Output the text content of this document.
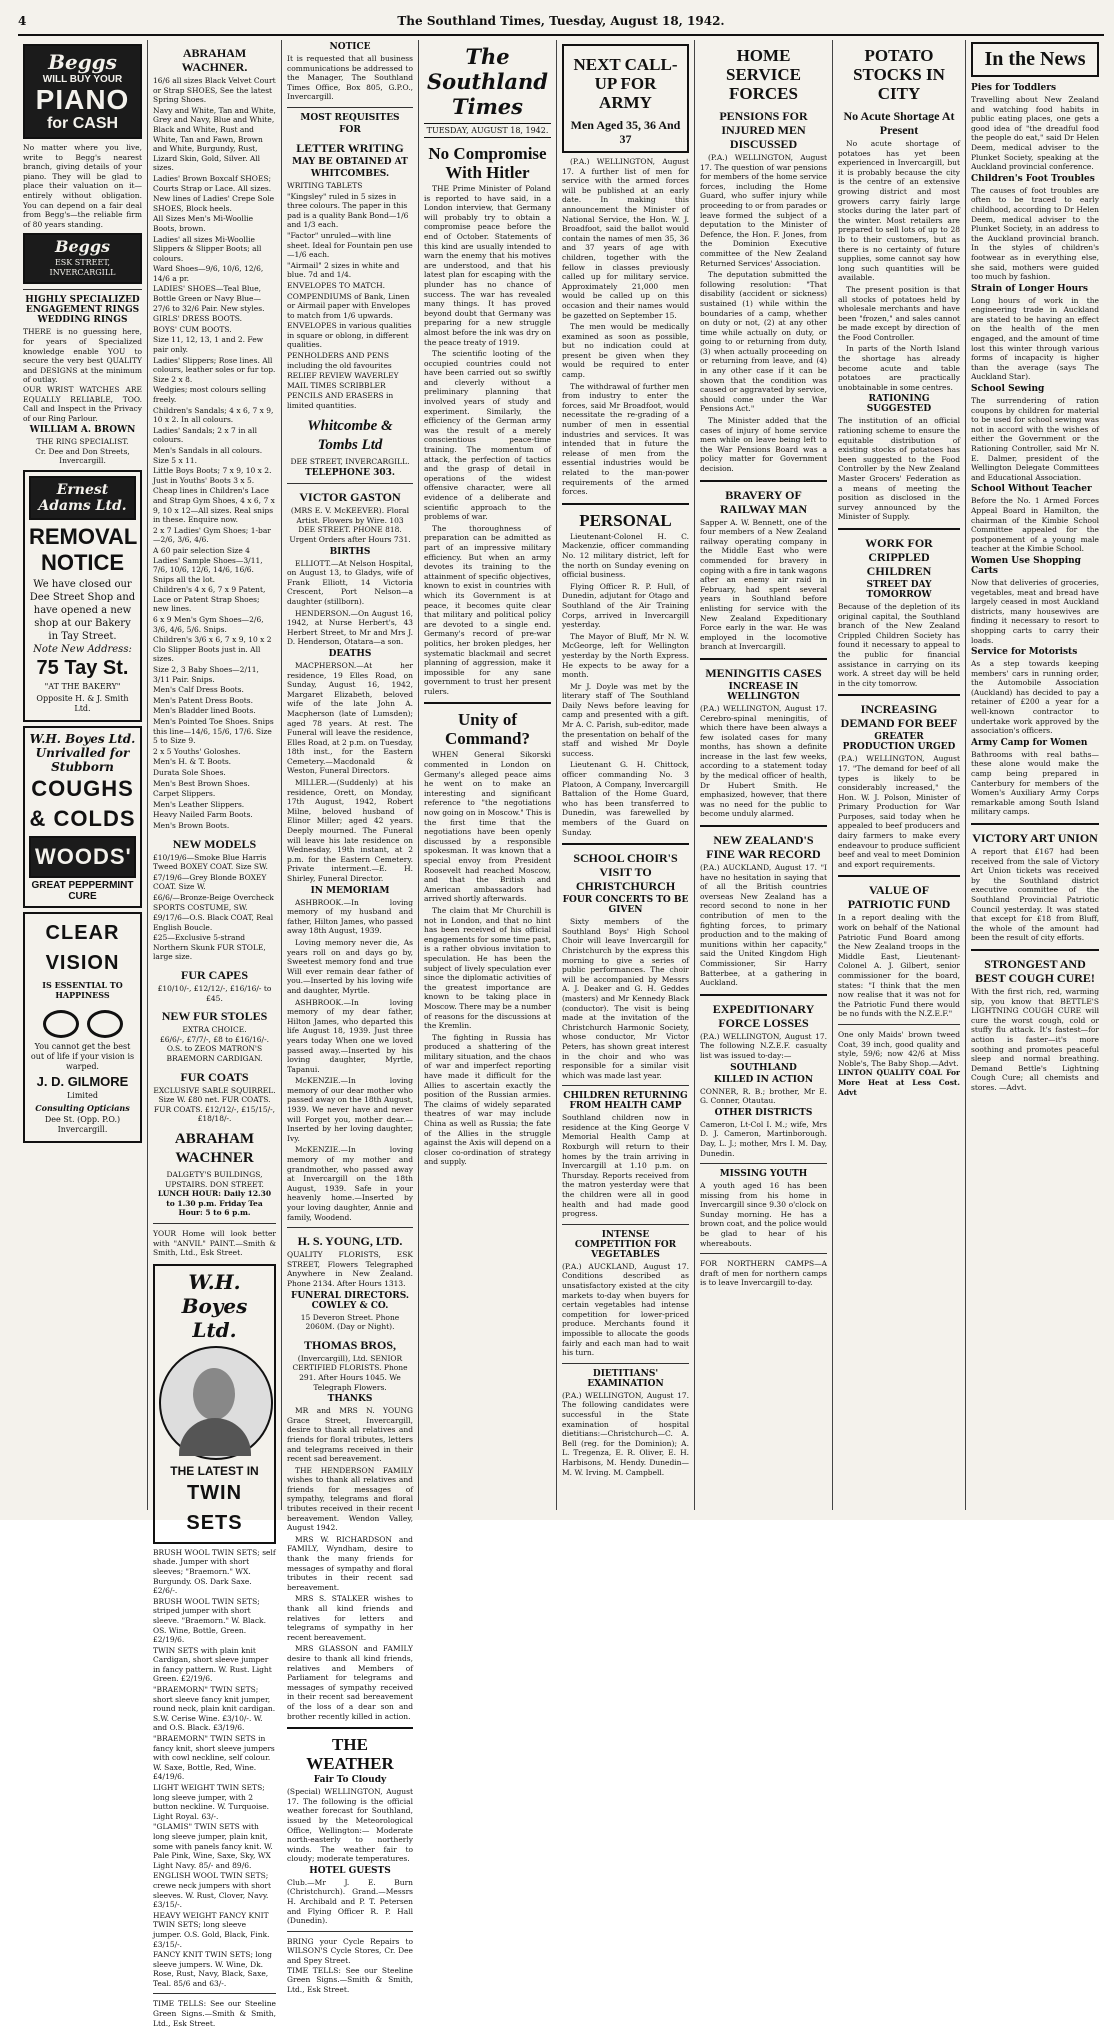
4	The Southland Times, Tuesday, August 18, 1942.
Beggs
WILL BUY YOUR
PIANO
for CASH
No matter where you live, write to Begg's nearest branch, giving details of your piano. They will be glad to place their valuation on it—entirely without obligation. You can depend on a fair deal from Begg's—the reliable firm of 80 years standing.
Beggs

ESK STREET, INVERCARGILL

HIGHLY SPECIALIZED ENGAGEMENT RINGS WEDDING RINGS
THERE is no guessing here, for years of Specialized knowledge enable YOU to secure the very best QUALITY and DESIGNS at the minimum of outlay.
OUR WRIST WATCHES ARE EQUALLY RELIABLE, TOO. Call and Inspect in the Privacy of our Ring Parlour.
WILLIAM A. BROWN
THE RING SPECIALIST.
Cr. Dee and Don Streets, Invercargill.
Ernest Adams Ltd.
REMOVAL
NOTICE

We have closed our Dee Street Shop and have opened a new shop at our Bakery in Tay Street.

Note New Address:

75 Tay St.

"AT THE BAKERY"

Opposite H. & J. Smith Ltd.

W.H. Boyes Ltd.
Unrivalled for Stubborn
COUGHS
& COLDS
WOODS'
GREAT PEPPERMINT CURE
CLEAR
VISION

IS ESSENTIAL TO HAPPINESS

You cannot get the best out of life if your vision is warped.

J. D. GILMORE

Limited

Consulting Opticians

Dee St. (Opp. P.O.) Invercargill.

ABRAHAM WACHNER.
16/6 all sizes Black Velvet Court or Strap SHOES, See the latest Spring Shoes.
Navy and White, Tan and White, Grey and Navy, Blue and White, Black and White, Rust and White, Tan and Fawn, Brown and White, Burgundy, Rust, Lizard Skin, Gold, Silver. All sizes.
Ladies' Brown Boxcalf SHOES; Courts Strap or Lace. All sizes.
New lines of Ladies' Crepe Sole SHOES, Block heels.
All Sizes Men's Mi-Woollie Boots, brown.
Ladies' all sizes Mi-Woollie Slippers & Slipper Boots; all colours.
Ward Shoes—9/6, 10/6, 12/6, 14/6 a pr.
LADIES' SHOES—Teal Blue, Bottle Green or Navy Blue—27/6 to 32/6 Pair. New styles.
GIRLS' DRESS BOOTS.
BOYS' CUM BOOTS.
Size 11, 12, 13, 1 and 2. Few pair only.
Ladies' Slippers; Rose lines. All colours, leather soles or fur top. Size 2 x 8.
Wedgies; most colours selling freely.
Children's Sandals; 4 x 6, 7 x 9, 10 x 2. In all colours.
Ladies' Sandals; 2 x 7 in all colours.
Men's Sandals in all colours. Size 5 x 11.
Little Boys Boots; 7 x 9, 10 x 2. Just in Youths' Boots 3 x 5.
Cheap lines in Children's Lace and Strap Gym Shoes, 4 x 6, 7 x 9, 10 x 12—All sizes. Real snips in these. Enquire now.
2 x 7 Ladies' Gym Shoes; 1-bar—2/6, 3/6, 4/6.
A 60 pair selection Size 4 Ladies' Sample Shoes—3/11, 7/6, 10/6, 12/6, 14/6, 16/6. Snips all the lot.
Children's 4 x 6, 7 x 9 Patent, Lace or Patent Strap Shoes; new lines.
6 x 9 Men's Gym Shoes—2/6, 3/6, 4/6, 5/6. Snips.
Children's 3/6 x 6, 7 x 9, 10 x 2 Clo Slipper Boots just in. All sizes.
Size 2, 3 Baby Shoes—2/11, 3/11 Pair. Snips.
Men's Calf Dress Boots.
Men's Patent Dress Boots.
Men's Bladder lined Boots.
Men's Pointed Toe Shoes. Snips this line—14/6, 15/6, 17/6. Size 5 to Size 9.
2 x 5 Youths' Goloshes.
Men's H. & T. Boots.
Durata Sole Shoes.
Men's Best Brown Shoes.
Carpet Slippers.
Men's Leather Slippers.
Heavy Nailed Farm Boots.
Men's Brown Boots.
NEW MODELS
£10/19/6—Smoke Blue Harris Tweed BOXEY COAT. Size SW.
£7/19/6—Grey Blonde BOXEY COAT. Size W.
£6/6/—Bronze-Beige Overcheck SPORTS COSTUME, SW.
£9/17/6—O.S. Black COAT, Real English Boucle.
£25—Exclusive 5-strand Northern Skunk FUR STOLE, large size.
FUR CAPES
£10/10/-, £12/12/-, £16/16/- to £45.
NEW FUR STOLES
EXTRA CHOICE.
£6/6/-, £7/7/-, £8 to £16/16/-.
O.S. to ZEOS MATRON'S BRAEMORN CARDIGAN.
FUR COATS
EXCLUSIVE SABLE SQUIRREL.
Size W. £80 net. FUR COATS. FUR COATS. £12/12/-, £15/15/-, £18/18/-.
ABRAHAM WACHNER
DALGETY'S BUILDINGS, UPSTAIRS. DON STREET.
LUNCH HOUR: Daily 12.30 to 1.30 p.m. Friday Tea Hour: 5 to 6 p.m.
YOUR Home will look better with "ANVIL" PAINT.—Smith & Smith, Ltd., Esk Street.
W.H. Boyes Ltd.
THE LATEST IN
TWIN SETS
BRUSH WOOL TWIN SETS; self shade. Jumper with short sleeves; "Braemorn." WX. Burgundy. OS. Dark Saxe. £2/6/-.
BRUSH WOOL TWIN SETS; striped jumper with short sleeve. "Braemorn." W. Black. OS. Wine, Bottle, Green. £2/19/6.
TWIN SETS with plain knit Cardigan, short sleeve jumper in fancy pattern. W. Rust. Light Green. £2/19/6.
"BRAEMORN" TWIN SETS; short sleeve fancy knit jumper, round neck, plain knit cardigan. S.W. Cerise Wine. £3/10/-. W. and O.S. Black. £3/19/6.
"BRAEMORN" TWIN SETS in fancy knit, short sleeve jumpers with cowl neckline, self colour. W. Saxe, Bottle, Red, Wine. £4/19/6.
LIGHT WEIGHT TWIN SETS; long sleeve jumper, with 2 button neckline. W. Turquoise. Light Royal. 63/-.
"GLAMIS" TWIN SETS with long sleeve jumper, plain knit, some with panels fancy knit. W. Pale Pink, Wine, Saxe, Sky, WX Light Navy. 85/- and 89/6.
ENGLISH WOOL TWIN SETS; crewe neck jumpers with short sleeves. W. Rust, Clover, Navy. £3/15/-.
HEAVY WEIGHT FANCY KNIT TWIN SETS; long sleeve jumper. O.S. Gold, Black, Fink. £3/15/-.
FANCY KNIT TWIN SETS; long sleeve jumpers. W. Wine, Dk. Rose, Rust, Navy, Black, Saxe, Teal. 85/6 and 63/-.
TIME TELLS: See our Steeline Green Signs.—Smith & Smith, Ltd., Esk Street.
NOTICE
It is requested that all business communications be addressed to the Manager, The Southland Times Office, Box 805, G.P.O., Invercargill.
MOST REQUISITES
FOR
LETTER WRITING
MAY BE OBTAINED AT
WHITCOMBES.
WRITING TABLETS
"Kingsley" ruled in 5 sizes in three colours. The paper in this pad is a quality Bank Bond—1/6 and 1/3 each.
"Factor" unruled—with line sheet. Ideal for Fountain pen use—1/6 each.
"Airmail" 2 sizes in white and blue. 7d and 1/4.
ENVELOPES TO MATCH.
COMPENDIUMS of Bank, Linen or Airmail paper with Envelopes to match from 1/6 upwards.
ENVELOPES in various qualities in square or oblong, in different qualities.
PENHOLDERS AND PENS including the old favourites
RELIEF REVIEW WAVERLEY MAIL TIMES SCRIBBLER
PENCILS AND ERASERS in limited quantities.
Whitcombe & Tombs Ltd
DEE STREET, INVERCARGILL.
TELEPHONE 303.
VICTOR GASTON
(MRS E. V. McKEEVER). Floral Artist. Flowers by Wire. 103 DEE STREET. PHONE 818. Urgent Orders after Hours 731.
BIRTHS

ELLIOTT.—At Nelson Hospital, on August 13, to Gladys, wife of Frank Elliott, 14 Victoria Crescent, Port Nelson—a daughter (stillborn).

HENDERSON.—On August 16, 1942, at Nurse Herbert's, 43 Herbert Street, to Mr and Mrs J. D. Henderson, Otatara—a son.

DEATHS

MACPHERSON.—At her residence, 19 Elles Road, on Sunday, August 16, 1942, Margaret Elizabeth, beloved wife of the late John A. Macpherson (late of Lumsden); aged 78 years. At rest. The Funeral will leave the residence, Elles Road, at 2 p.m. on Tuesday, 18th inst., for the Eastern Cemetery.—Macdonald & Weston, Funeral Directors.

MILLER.—(Suddenly) at his residence, Orett, on Monday, 17th August, 1942, Robert Milne, beloved husband of Elinor Miller; aged 42 years. Deeply mourned. The Funeral will leave his late residence on Wednesday, 19th instant, at 2 p.m. for the Eastern Cemetery. Private interment.—E. H. Shirley, Funeral Director.

IN MEMORIAM

ASHBROOK.—In loving memory of my husband and father, Hilton James, who passed away 18th August, 1939.

Loving memory never die, As years roll on and days go by, Sweetest memory fond and true Will ever remain dear father of you.—Inserted by his loving wife and daughter, Myrtle.

ASHBROOK.—In loving memory of my dear father, Hilton James, who departed this life August 18, 1939. Just three years today When one we loved passed away.—Inserted by his loving daughter, Myrtle, Tapanui.

McKENZIE.—In loving memory of our dear mother who passed away on the 18th August, 1939. We never have and never will Forget you, mother dear.—Inserted by her loving daughter, Ivy.

McKENZIE.—In loving memory of my mother and grandmother, who passed away at Invercargill on the 18th August, 1939. Safe in your heavenly home.—Inserted by your loving daughter, Annie and family, Woodend.

H. S. YOUNG, LTD.
QUALITY FLORISTS, ESK STREET, Flowers Telegraphed Anywhere in New Zealand. Phone 2134. After Hours 1313.
FUNERAL DIRECTORS. COWLEY & CO.
15 Deveron Street. Phone 2060M. (Day or Night).
THOMAS BROS,
(Invercargill), Ltd. SENIOR CERTIFIED FLORISTS. Phone 291. After Hours 1045. We Telegraph Flowers.
THANKS

MR and MRS N. YOUNG Grace Street, Invercargill, desire to thank all relatives and friends for floral tributes, letters and telegrams received in their recent sad bereavement.

THE HENDERSON FAMILY wishes to thank all relatives and friends for messages of sympathy, telegrams and floral tributes received in their recent bereavement. Wendon Valley, August 1942.

MRS W. RICHARDSON and FAMILY, Wyndham, desire to thank the many friends for messages of sympathy and floral tributes in their recent sad bereavement.

MRS S. STALKER wishes to thank all kind friends and relatives for letters and telegrams of sympathy in her recent bereavement.

MRS GLASSON and FAMILY desire to thank all kind friends, relatives and Members of Parliament for telegrams and messages of sympathy received in their recent sad bereavement of the loss of a dear son and brother recently killed in action.

THE WEATHER
Fair To Cloudy
(Special) WELLINGTON, August 17. The following is the official weather forecast for Southland, issued by the Meteorological Office, Wellington:— Moderate north-easterly to northerly winds. The weather fair to cloudy; moderate temperatures.
HOTEL GUESTS
Club.—Mr J. E. Burn (Christchurch). Grand.—Messrs H. Archibald and P. T. Petersen and Flying Officer R. P. Hall (Dunedin).
BRING your Cycle Repairs to WILSON'S Cycle Stores, Cr. Dee and Spey Street.
TIME TELLS: See our Steeline Green Signs.—Smith & Smith, Ltd., Esk Street.
The Southland Times
TUESDAY, AUGUST 18, 1942.
No Compromise With Hitler

THE Prime Minister of Poland is reported to have said, in a London interview, that Germany will probably try to obtain a compromise peace before the end of October. Statements of this kind are usually intended to warn the enemy that his motives are understood, and that his latest plan for escaping with the plunder has no chance of success. The war has revealed many things. It has proved beyond doubt that Germany was preparing for a new struggle almost before the ink was dry on the peace treaty of 1919.

The scientific looting of the occupied countries could not have been carried out so swiftly and cleverly without a preliminary planning that involved years of study and experiment. Similarly, the efficiency of the German army was the result of a merely conscientious peace-time training. The momentum of attack, the perfection of tactics and the grasp of detail in operations of the widest offensive character, were all evidence of a deliberate and scientific approach to the problems of war.

The thoroughness of preparation can be admitted as part of an impressive military efficiency. But when an army devotes its training to the attainment of specific objectives, known to exist in countries with which its Government is at peace, it becomes quite clear that military and political policy are devoted to a single end. Germany's record of pre-war politics, her broken pledges, her systematic blackmail and secret planning of aggression, make it impossible for any sane government to trust her present rulers.

Unity of Command?

WHEN General Sikorski commented in London on Germany's alleged peace aims he went on to make an interesting and significant reference to "the negotiations now going on in Moscow." This is the first time that the negotiations have been openly discussed by a responsible spokesman. It was known that a special envoy from President Roosevelt had reached Moscow, and that the British and American ambassadors had arrived shortly afterwards.

The claim that Mr Churchill is not in London, and that no hint has been received of his official engagements for some time past, is a rather obvious invitation to speculation. He has been the subject of lively speculation ever since the diplomatic activities of the greatest importance are known to be taking place in Moscow. There may be a number of reasons for the discussions at the Kremlin.

The fighting in Russia has produced a shattering of the military situation, and the chaos of war and imperfect reporting have made it difficult for the Allies to ascertain exactly the position of the Russian armies. The claims of widely separated theatres of war may include China as well as Russia; the fate of the Allies in the struggle against the Axis will depend on a closer co-ordination of strategy and supply.

NEXT CALL-UP FOR ARMY
Men Aged 35, 36 And 37

(P.A.) WELLINGTON, August 17. A further list of men for service with the armed forces will be published at an early date. In making this announcement the Minister of National Service, the Hon. W. J. Broadfoot, said the ballot would contain the names of men 35, 36 and 37 years of age with children, together with the fellow in classes previously called up for military service. Approximately 21,000 men would be called up on this occasion and their names would be gazetted on September 15.

The men would be medically examined as soon as possible, but no indication could at present be given when they would be required to enter camp.

The withdrawal of further men from industry to enter the forces, said Mr Broadfoot, would necessitate the re-grading of a number of men in essential industries and services. It was intended that in future the release of men from the essential industries would be related to the man-power requirements of the armed forces.

PERSONAL

Lieutenant-Colonel H. C. Mackenzie, officer commanding No. 12 military district, left for the north on Sunday evening on official business.

Flying Officer R. P. Hull, of Dunedin, adjutant for Otago and Southland of the Air Training Corps, arrived in Invercargill yesterday.

The Mayor of Bluff, Mr N. W. McGeorge, left for Wellington yesterday by the North Express. He expects to be away for a month.

Mr J. Doyle was met by the literary staff of The Southland Daily News before leaving for camp and presented with a gift. Mr A. C. Parish, sub-editor, made the presentation on behalf of the staff and wished Mr Doyle success.

Lieutenant G. H. Chittock, officer commanding No. 3 Platoon, A Company, Invercargill Battalion of the Home Guard, who has been transferred to Dunedin, was farewelled by members of the Guard on Sunday.

SCHOOL CHOIR'S VISIT TO CHRISTCHURCH
FOUR CONCERTS TO BE GIVEN

Sixty members of the Southland Boys' High School Choir will leave Invercargill for Christchurch by the express this morning to give a series of public performances. The choir will be accompanied by Messrs A. J. Deaker and G. H. Geddes (masters) and Mr Kennedy Black (conductor). The visit is being made at the invitation of the Christchurch Harmonic Society, whose conductor, Mr Victor Peters, has shown great interest in the choir and who was responsible for a similar visit which was made last year.

CHILDREN RETURNING FROM HEALTH CAMP
Southland children now in residence at the King George V Memorial Health Camp at Roxburgh will return to their homes by the train arriving in Invercargill at 1.10 p.m. on Thursday. Reports received from the matron yesterday were that the children were all in good health and had made good progress.
INTENSE COMPETITION FOR VEGETABLES
(P.A.) AUCKLAND, August 17. Conditions described as unsatisfactory existed at the city markets to-day when buyers for certain vegetables had intense competition for lower-priced produce. Merchants found it impossible to allocate the goods fairly and each man had to wait his turn.
DIETITIANS' EXAMINATION
(P.A.) WELLINGTON, August 17. The following candidates were successful in the State examination of hospital dietitians:—Christchurch—C. A. Bell (reg. for the Dominion); A. L. Tregenza, E. R. Oliver, E. H. Harbisons, M. Hendy. Dunedin—M. W. Irving. M. Campbell.
HOME SERVICE FORCES
PENSIONS FOR INJURED MEN DISCUSSED

(P.A.) WELLINGTON, August 17. The question of war pensions for members of the home service forces, including the Home Guard, who suffer injury while proceeding to or from parades or leave formed the subject of a deputation to the Minister of Defence, the Hon. F. Jones, from the Dominion Executive committee of the New Zealand Returned Services' Association.

The deputation submitted the following resolution: "That disability (accident or sickness) sustained (1) while within the boundaries of a camp, whether on duty or not, (2) at any other time while actually on duty, or going to or returning from duty, (3) when actually proceeding on or returning from leave, and (4) in any other case if it can be shown that the condition was caused or aggravated by service, should come under the War Pensions Act."

The Minister added that the cases of injury of home service men while on leave being left to the War Pensions Board was a policy matter for Government decision.

BRAVERY OF RAILWAY MAN
Sapper A. W. Bennett, one of the four members of a New Zealand railway operating company in the Middle East who were commended for bravery in coping with a fire in tank wagons after an enemy air raid in February, had spent several years in Southland before enlisting for service with the New Zealand Expeditionary Force early in the war. He was employed in the locomotive branch at Invercargill.
MENINGITIS CASES
INCREASE IN WELLINGTON
(P.A.) WELLINGTON, August 17. Cerebro-spinal meningitis, of which there have been always a few isolated cases for many months, has shown a definite increase in the last few weeks, according to a statement today by the medical officer of health, Dr Hubert Smith. He emphasized, however, that there was no need for the public to become unduly alarmed.
NEW ZEALAND'S FINE WAR RECORD
(P.A.) AUCKLAND, August 17. "I have no hesitation in saying that of all the British countries overseas New Zealand has a record second to none in her contribution of men to the fighting forces, to primary production and to the making of munitions within her capacity," said the United Kingdom High Commissioner, Sir Harry Batterbee, at a gathering in Auckland.
EXPEDITIONARY FORCE LOSSES
(P.A.) WELLINGTON, August 17. The following N.Z.E.F. casualty list was issued to-day:—
SOUTHLAND
KILLED IN ACTION
CONNER, R. B.; brother, Mr E. G. Conner, Otautau.
OTHER DISTRICTS
Cameron, Lt-Col I. M.; wife, Mrs D. J. Cameron, Martinborough. Day, L. J.; mother, Mrs I. M. Day, Dunedin.
MISSING YOUTH
A youth aged 16 has been missing from his home in Invercargill since 9.30 o'clock on Sunday morning. He has a brown coat, and the police would be glad to hear of his whereabouts.
FOR NORTHERN CAMPS—A draft of men for northern camps is to leave Invercargill to-day.
POTATO STOCKS IN CITY
No Acute Shortage At Present

No acute shortage of potatoes has yet been experienced in Invercargill, but it is probably because the city is the centre of an extensive growing district and most growers carry fairly large stocks during the later part of the winter. Most retailers are prepared to sell lots of up to 28 lb to their customers, but as there is no certainty of future supplies, some cannot say how long such quantities will be available.

The present position is that all stocks of potatoes held by wholesale merchants and have been "frozen," and sales cannot be made except by direction of the Food Controller.

In parts of the North Island the shortage has already become acute and table potatoes are practically unobtainable in some centres.

RATIONING SUGGESTED
The institution of an official rationing scheme to ensure the equitable distribution of existing stocks of potatoes has been suggested to the Food Controller by the New Zealand Master Grocers' Federation as a means of meeting the position as disclosed in the survey announced by the Minister of Supply.
WORK FOR CRIPPLED CHILDREN
STREET DAY TOMORROW
Because of the depletion of its original capital, the Southland branch of the New Zealand Crippled Children Society has found it necessary to appeal to the public for financial assistance in carrying on its work. A street day will be held in the city tomorrow.
INCREASING DEMAND FOR BEEF
GREATER PRODUCTION URGED
(P.A.) WELLINGTON, August 17. "The demand for beef of all types is likely to be considerably increased," the Hon. W. J. Polson, Minister of Primary Production for War Purposes, said today when he appealed to beef producers and dairy farmers to make every endeavour to produce sufficient beef and veal to meet Dominion and export requirements.
VALUE OF PATRIOTIC FUND
In a report dealing with the work on behalf of the National Patriotic Fund Board among the New Zealand troops in the Middle East, Lieutenant-Colonel A. J. Gilbert, senior commissioner for the board, states: "I think that the men now realise that it was not for the Patriotic Fund there would be no funds with the N.Z.E.F."
One only Maids' brown tweed Coat, 39 inch, good quality and style, 59/6; now 42/6 at Miss Noble's, The Baby Shop.—Advt.
LINTON QUALITY COAL For More Heat at Less Cost. Advt
In the News
Pies for Toddlers
Travelling about New Zealand and watching food habits in public eating places, one gets a good idea of "the dreadful food the people do eat," said Dr Helen Deem, medical adviser to the Plunket Society, speaking at the Auckland provincial conference.
Children's Foot Troubles
The causes of foot troubles are often to be traced to early childhood, according to Dr Helen Deem, medical adviser to the Plunket Society, in an address to the Auckland provincial branch. In the styles of children's footwear as in everything else, she said, mothers were guided too much by fashion.
Strain of Longer Hours
Long hours of work in the engineering trade in Auckland are stated to be having an effect on the health of the men engaged, and the amount of time lost this winter through various forms of incapacity is higher than the average (says The Auckland Star).
School Sewing
The surrendering of ration coupons by children for material to be used for school sewing was not in accord with the wishes of either the Government or the Rationing Controller, said Mr N. E. Dalmer, president of the Wellington Delegate Committees and Educational Association.
School Without Teacher
Before the No. 1 Armed Forces Appeal Board in Hamilton, the chairman of the Kimbie School Committee appealed for the postponement of a young male teacher at the Kimbie School.
Women Use Shopping Carts
Now that deliveries of groceries, vegetables, meat and bread have largely ceased in most Auckland districts, many housewives are finding it necessary to resort to shopping carts to carry their loads.
Service for Motorists
As a step towards keeping members' cars in running order, the Automobile Association (Auckland) has decided to pay a retainer of £200 a year for a well-known contractor to undertake work approved by the association's officers.
Army Camp for Women
Bathrooms with real baths—these alone would make the camp being prepared in Canterbury for members of the Women's Auxiliary Army Corps remarkable among South Island military camps.
VICTORY ART UNION
A report that £167 had been received from the sale of Victory Art Union tickets was received by the Southland district executive committee of the Southland Provincial Patriotic Council yesterday. It was stated that except for £18 from Bluff, the whole of the amount had been the result of city efforts.
STRONGEST AND BEST COUGH CURE!
With the first rich, red, warming sip, you know that BETTLE'S LIGHTNING COUGH CURE will cure the worst cough, cold or stuffy flu attack. It's fastest—for action is faster—it's more soothing and promotes peaceful sleep and normal breathing. Demand Bettle's Lightning Cough Cure; all chemists and stores. —Advt.
